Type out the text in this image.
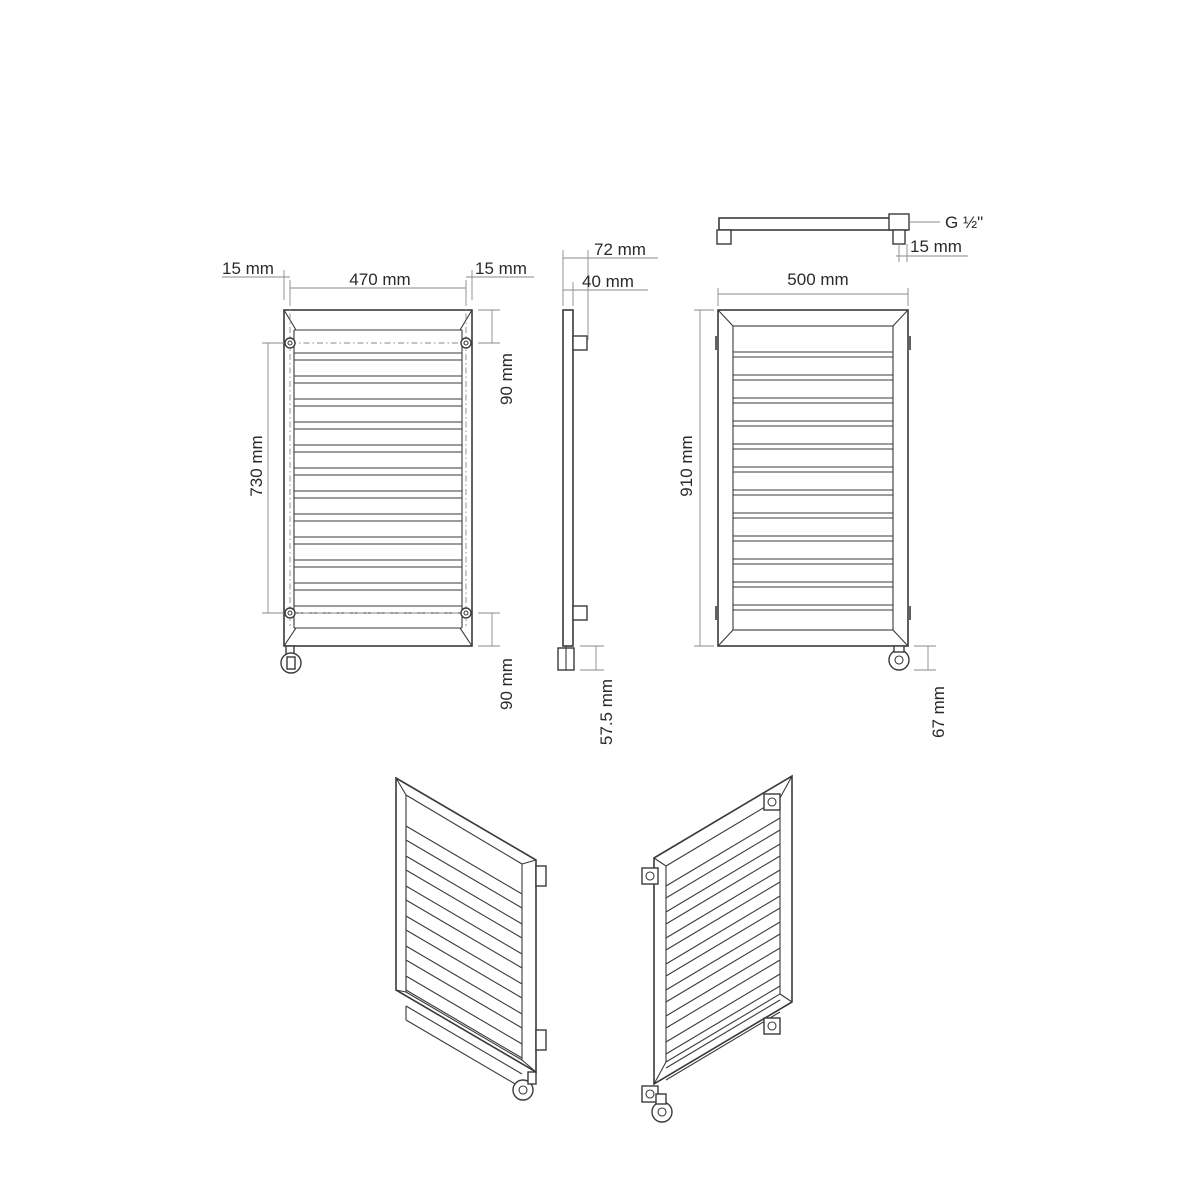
470 mm
15 mm	15 mm
730 mm
90 mm
90 mm
72 mm
40 mm
57.5 mm
G ½"
15 mm
500 mm
910 mm
67 mm
